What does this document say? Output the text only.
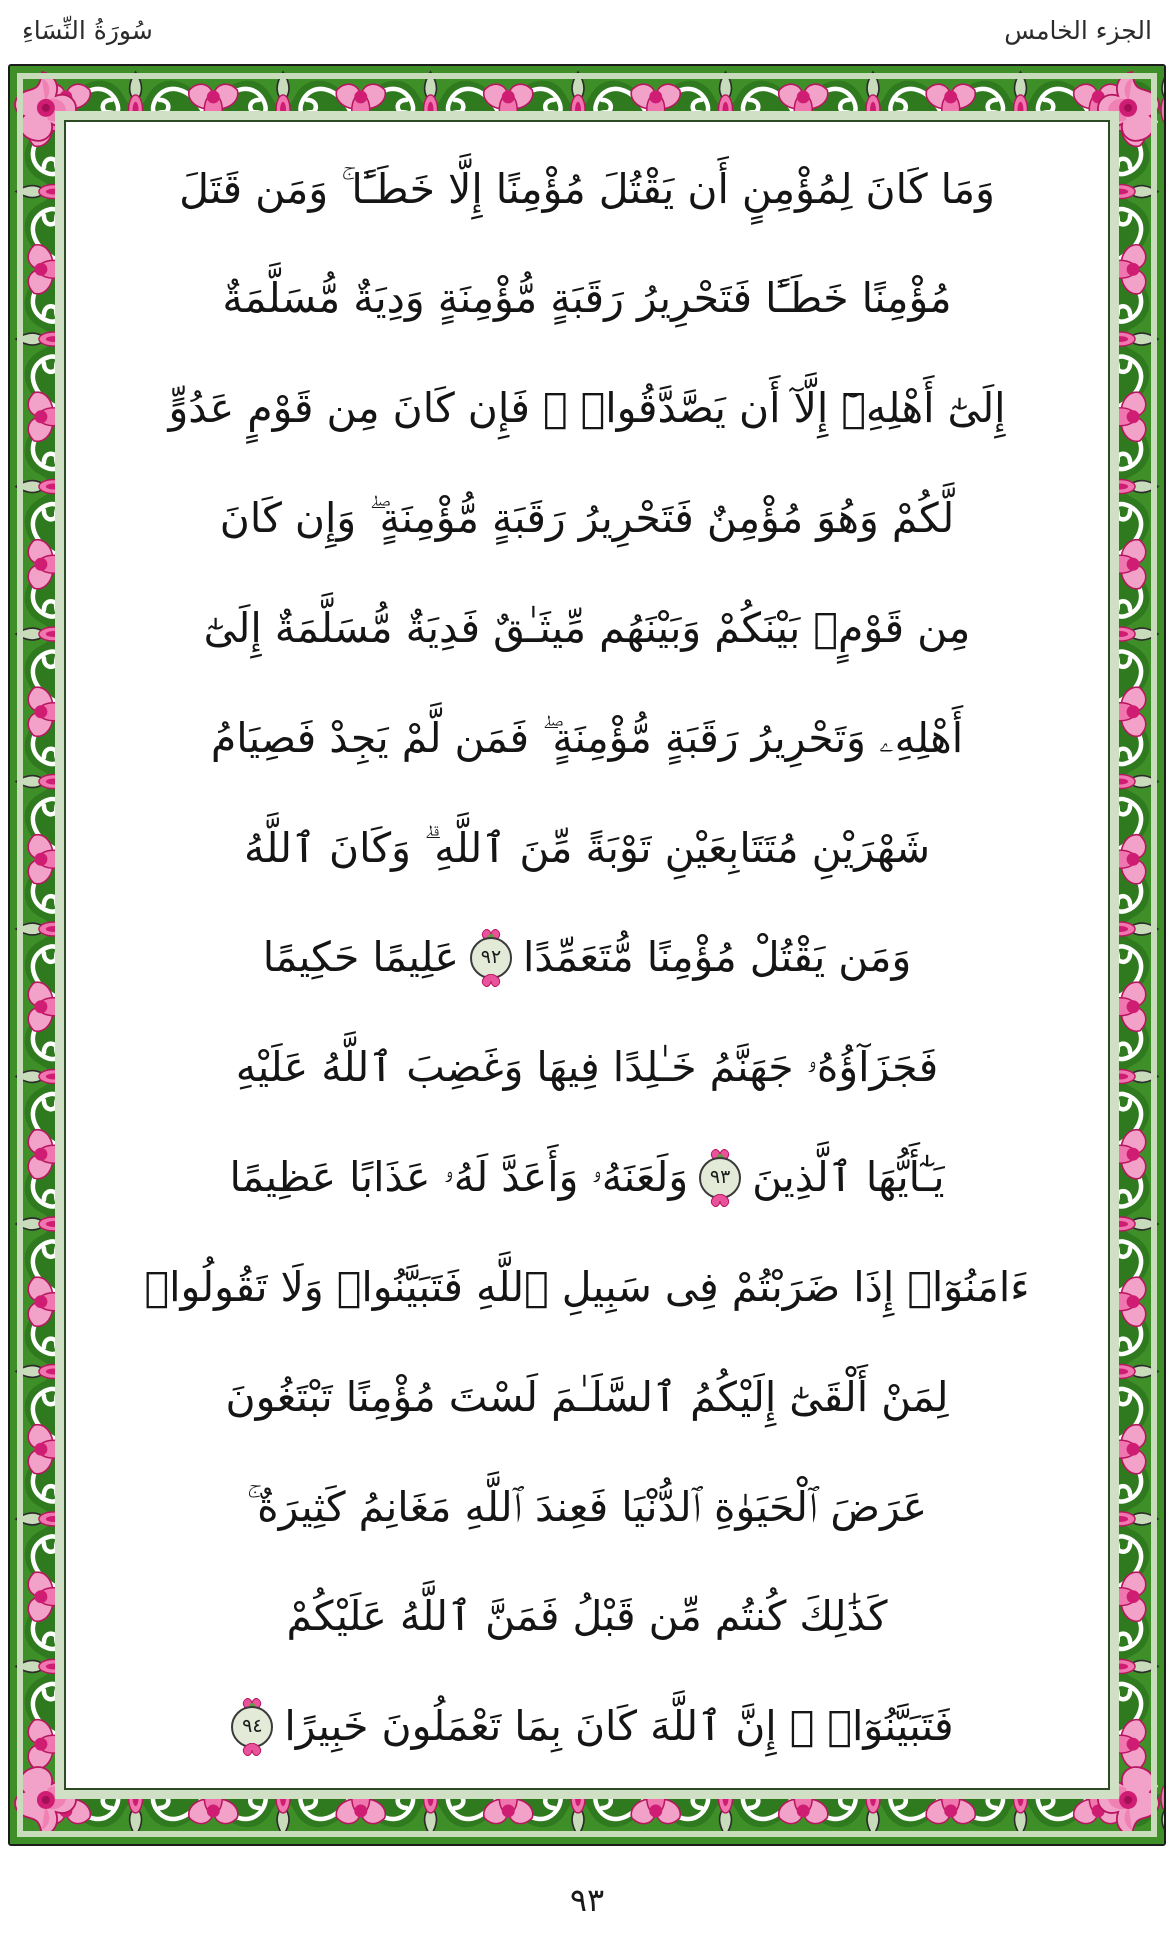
الجزء الخامس
سُورَةُ النِّسَاءِ
وَمَا كَانَ لِمُؤْمِنٍ أَن يَقْتُلَ مُؤْمِنًا إِلَّا خَطَـًٔا ۚ وَمَن قَتَلَ
مُؤْمِنًا خَطَـًٔا فَتَحْرِيرُ رَقَبَةٍ مُّؤْمِنَةٍ وَدِيَةٌ مُّسَلَّمَةٌ
إِلَىٰٓ أَهْلِهِۦٓ إِلَّآ أَن يَصَّدَّقُوا۟ ۚ فَإِن كَانَ مِن قَوْمٍ عَدُوٍّ
لَّكُمْ وَهُوَ مُؤْمِنٌ فَتَحْرِيرُ رَقَبَةٍ مُّؤْمِنَةٍ ۖ وَإِن كَانَ
مِن قَوْمٍۭ بَيْنَكُمْ وَبَيْنَهُم مِّيثَـٰقٌ فَدِيَةٌ مُّسَلَّمَةٌ إِلَىٰٓ
أَهْلِهِۦ وَتَحْرِيرُ رَقَبَةٍ مُّؤْمِنَةٍ ۖ فَمَن لَّمْ يَجِدْ فَصِيَامُ
شَهْرَيْنِ مُتَتَابِعَيْنِ تَوْبَةً مِّنَ ٱللَّهِ ۗ وَكَانَ ٱللَّهُ
وَمَن يَقْتُلْ مُؤْمِنًا مُّتَعَمِّدًا
٩٢
عَلِيمًا حَكِيمًا
فَجَزَآؤُهُۥ جَهَنَّمُ خَـٰلِدًا فِيهَا وَغَضِبَ ٱللَّهُ عَلَيْهِ
يَـٰٓأَيُّهَا ٱلَّذِينَ
٩٣
وَلَعَنَهُۥ وَأَعَدَّ لَهُۥ عَذَابًا عَظِيمًا
ءَامَنُوٓا۟ إِذَا ضَرَبْتُمْ فِى سَبِيلِ ٱللَّهِ فَتَبَيَّنُوا۟ وَلَا تَقُولُوا۟
لِمَنْ أَلْقَىٰٓ إِلَيْكُمُ ٱلسَّلَـٰمَ لَسْتَ مُؤْمِنًا تَبْتَغُونَ
عَرَضَ ٱلْحَيَوٰةِ ٱلدُّنْيَا فَعِندَ ٱللَّهِ مَغَانِمُ كَثِيرَةٌ ۚ
كَذَٰلِكَ كُنتُم مِّن قَبْلُ فَمَنَّ ٱللَّهُ عَلَيْكُمْ
فَتَبَيَّنُوٓا۟ ۚ إِنَّ ٱللَّهَ كَانَ بِمَا تَعْمَلُونَ خَبِيرًا
٩٤
٩٣
